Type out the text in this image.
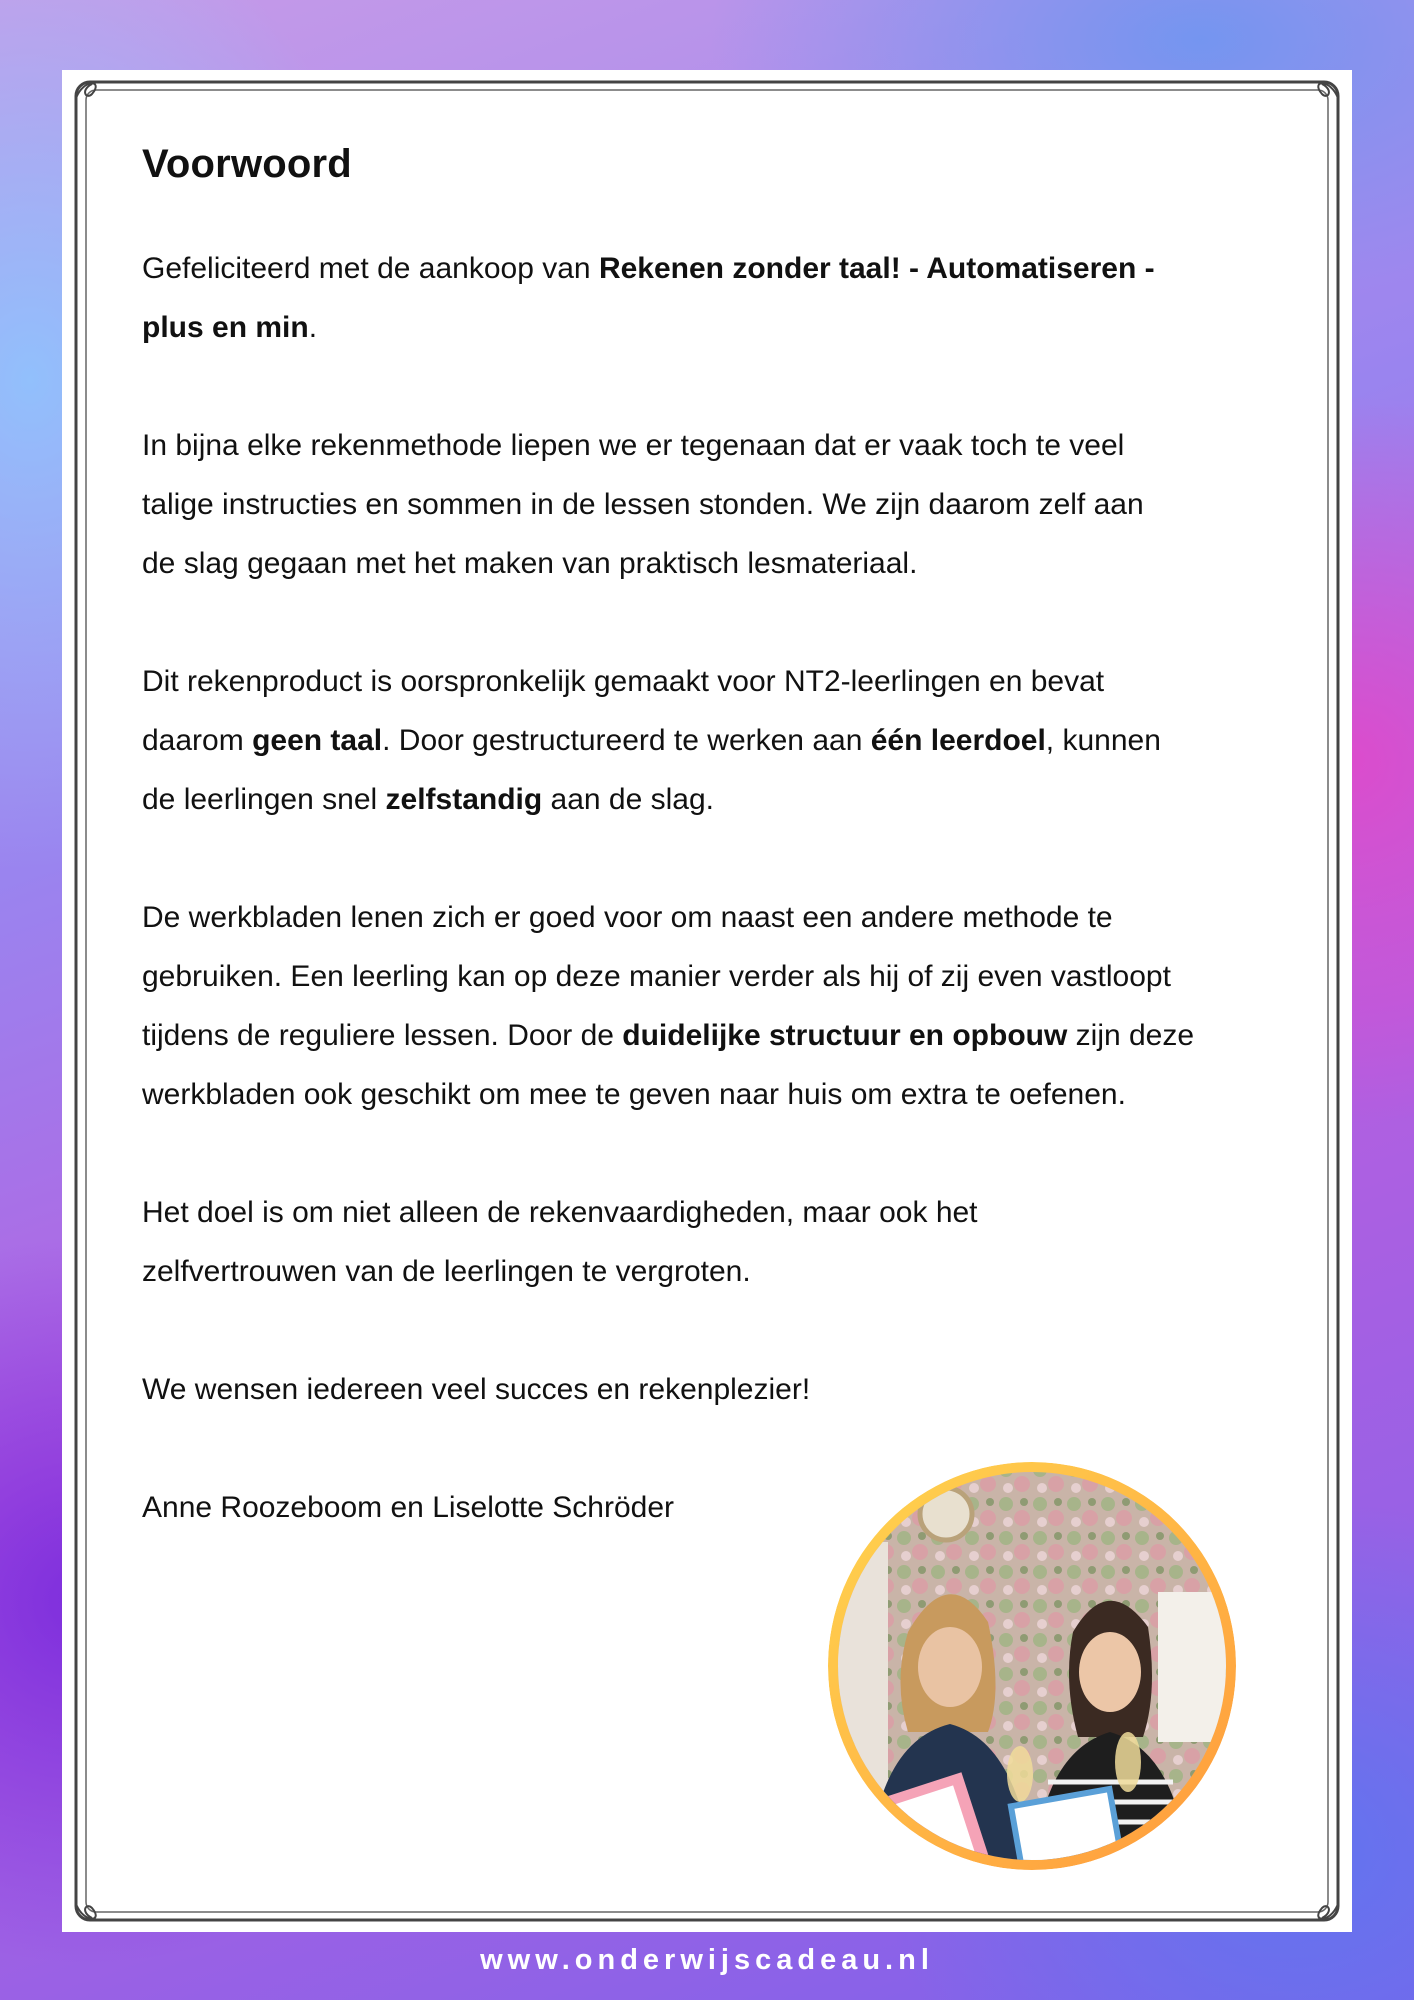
Voorwoord

Gefeliciteerd met de aankoop van Rekenen zonder taal! - Automatiseren -
plus en min.

In bijna elke rekenmethode liepen we er tegenaan dat er vaak toch te veel
talige instructies en sommen in de lessen stonden. We zijn daarom zelf aan
de slag gegaan met het maken van praktisch lesmateriaal.

Dit rekenproduct is oorspronkelijk gemaakt voor NT2-leerlingen en bevat
daarom geen taal. Door gestructureerd te werken aan één leerdoel, kunnen
de leerlingen snel zelfstandig aan de slag.

De werkbladen lenen zich er goed voor om naast een andere methode te
gebruiken. Een leerling kan op deze manier verder als hij of zij even vastloopt
tijdens de reguliere lessen. Door de duidelijke structuur en opbouw zijn deze
werkbladen ook geschikt om mee te geven naar huis om extra te oefenen.

Het doel is om niet alleen de rekenvaardigheden, maar ook het
zelfvertrouwen van de leerlingen te vergroten.

We wensen iedereen veel succes en rekenplezier!

Anne Roozeboom en Liselotte Schröder

www.onderwijscadeau.nl
